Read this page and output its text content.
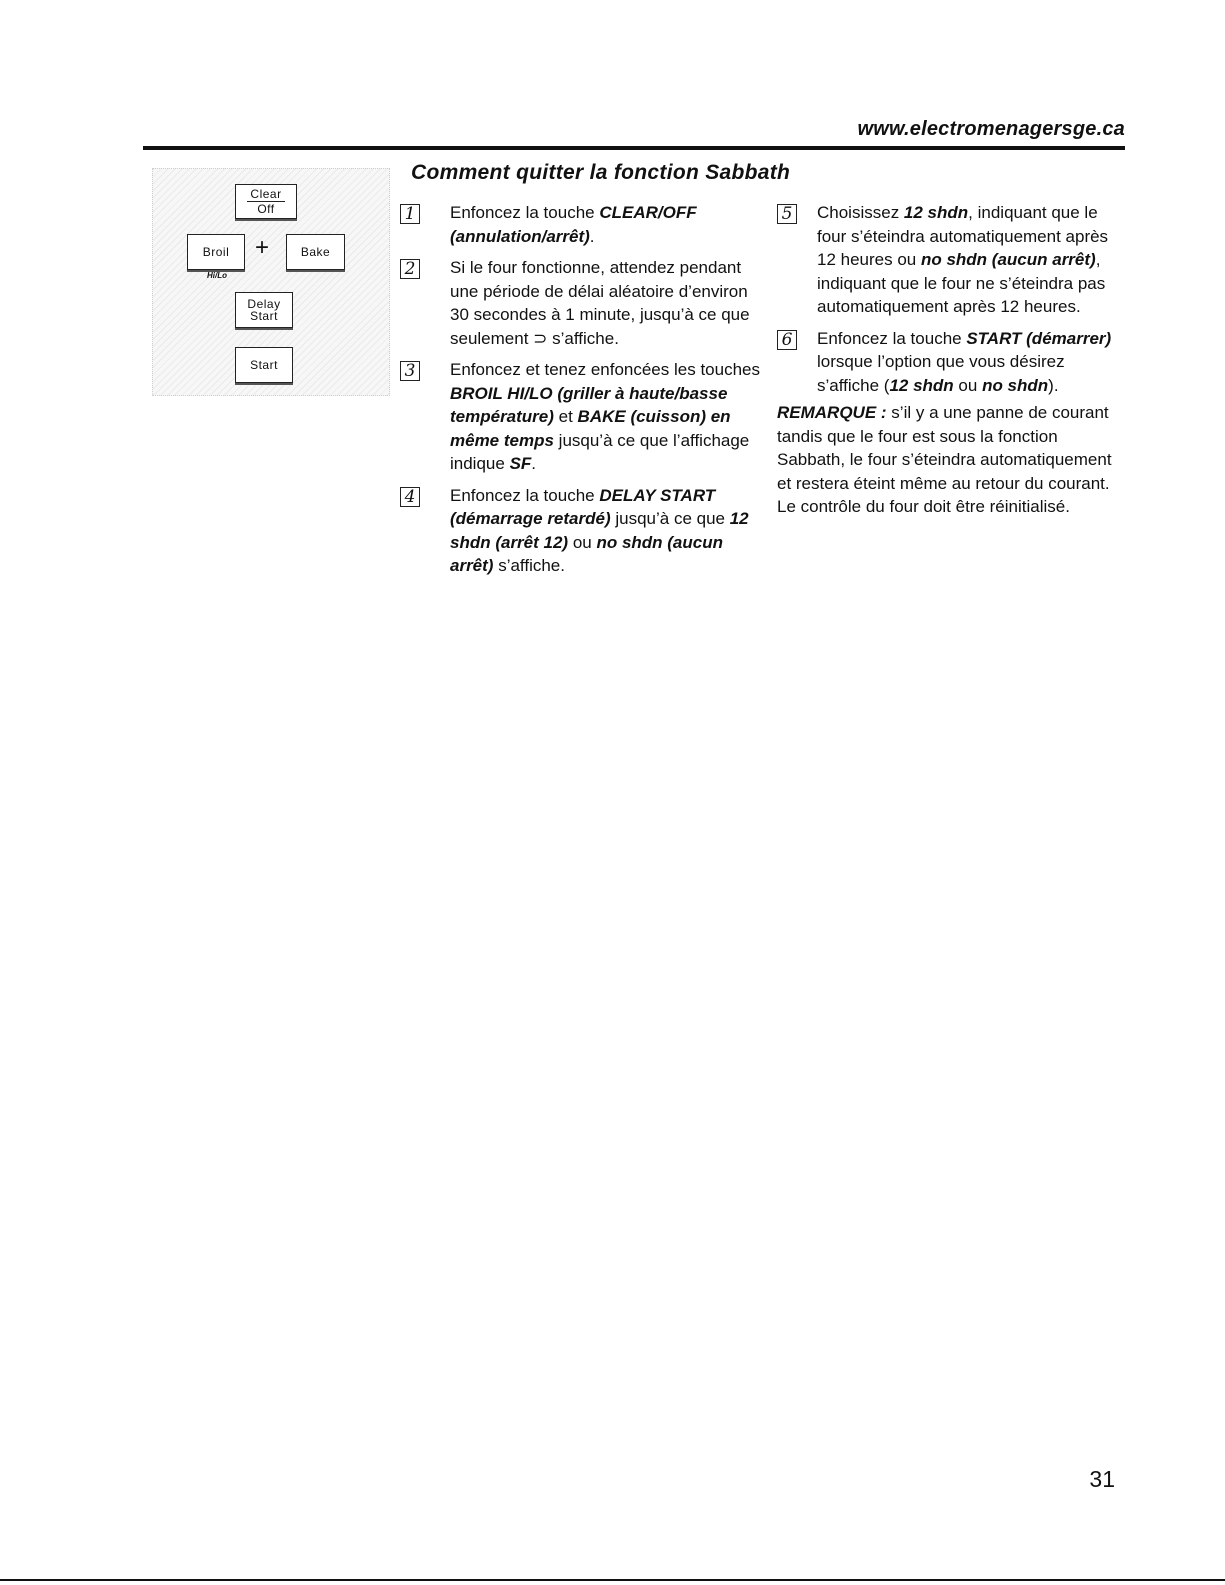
www.electromenagersge.ca
Clear
Off
Broil +	Bake
Hi/Lo
Delay
Start
Start
Comment quitter la fonction Sabbath
1 Enfoncez la touche CLEAR/OFF (annulation/arrêt).
2 Si le four fonctionne, attendez pendant une période de délai aléatoire d’environ 30 secondes à 1 minute, jusqu’à ce que seulement ⊃ s’affiche.
3 Enfoncez et tenez enfoncées les touches BROIL HI/LO (griller à haute/basse température) et BAKE (cuisson) en même temps jusqu’à ce que l’affichage indique SF.
4 Enfoncez la touche DELAY START (démarrage retardé) jusqu’à ce que 12 shdn (arrêt 12) ou no shdn (aucun arrêt) s’affiche.
5 Choisissez 12 shdn, indiquant que le four s’éteindra automatiquement après 12 heures ou no shdn (aucun arrêt), indiquant que le four ne s’éteindra pas automatiquement après 12 heures.
6 Enfoncez la touche START (démarrer) lorsque l’option que vous désirez s’affiche (12 shdn ou no shdn).
REMARQUE : s’il y a une panne de courant tandis que le four est sous la fonction Sabbath, le four s’éteindra automatiquement et restera éteint même au retour du courant. Le contrôle du four doit être réinitialisé.
31
